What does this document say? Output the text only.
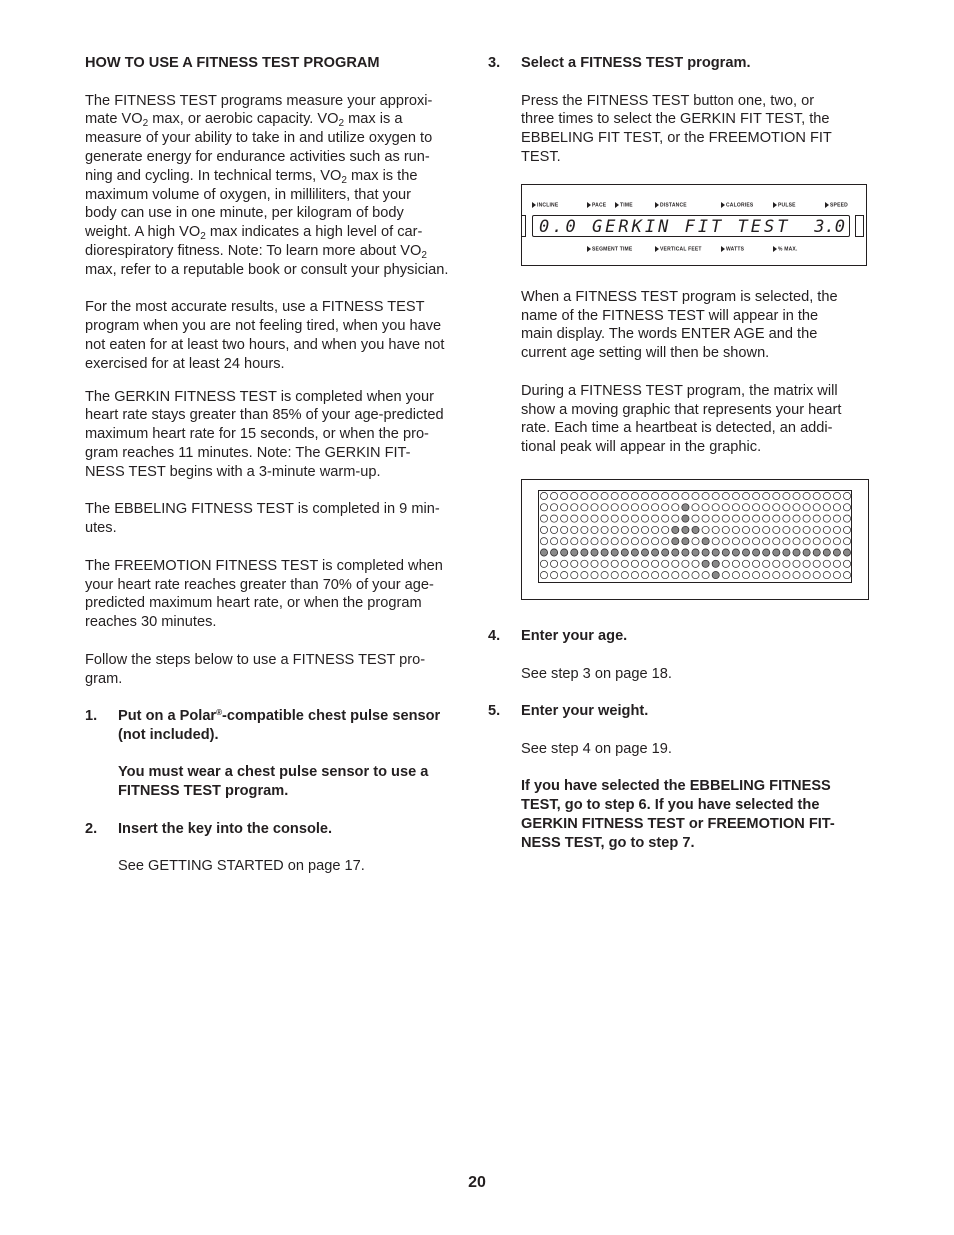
HOW TO USE A FITNESS TEST PROGRAM

The FITNESS TEST programs measure your approxi-

mate $VO_2$ max, or aerobic capacity. $VO_2$ max is a

measure of your ability to take in and utilize oxygen to

generate energy for endurance activities such as run-

ning and cycling. In technical terms, $VO_2$ max is the

maximum volume of oxygen, in milliliters, that your

body can use in one minute, per kilogram of body

weight. A high $VO_2$ max indicates a high level of car-

diorespiratory fitness. Note: To learn more about $VO_2$

max, refer to a reputable book or consult your physician.

For the most accurate results, use a FITNESS TEST

program when you are not feeling tired, when you have

not eaten for at least two hours, and when you have not

exercised for at least 24 hours.

The GERKIN FITNESS TEST is completed when your

heart rate stays greater than 85% of your age-predicted

maximum heart rate for 15 seconds, or when the pro-

gram reaches 11 minutes. Note: The GERKIN FIT-

NESS TEST begins with a 3-minute warm-up.

The EBBELING FITNESS TEST is completed in 9 min-

utes.

The FREEMOTION FITNESS TEST is completed when

your heart rate reaches greater than 70% of your age-

predicted maximum heart rate, or when the program

reaches 30 minutes.

Follow the steps below to use a FITNESS TEST pro-

gram.

1. Put on a Polar®-compatible chest pulse sensor

(not included).

You must wear a chest pulse sensor to use a

FITNESS TEST program.

2. Insert the key into the console.

See GETTING STARTED on page 17.

3. Select a FITNESS TEST program.

Press the FITNESS TEST button one, two, or

three times to select the GERKIN FIT TEST, the

EBBELING FIT TEST, or the FREEMOTION FIT

TEST.

INCLINE	PACE	TIME	DISTANCE	CALORIES	PULSE	SPEED
0.0 GERKIN FIT TEST 3.0
SEGMENT TIME	VERTICAL FEET	WATTS	% MAX.

When a FITNESS TEST program is selected, the

name of the FITNESS TEST will appear in the

main display. The words ENTER AGE and the

current age setting will then be shown.

During a FITNESS TEST program, the matrix will

show a moving graphic that represents your heart

rate. Each time a heartbeat is detected, an addi-

tional peak will appear in the graphic.

4. Enter your age.

See step 3 on page 18.

5. Enter your weight.

See step 4 on page 19.

If you have selected the EBBELING FITNESS

TEST, go to step 6. If you have selected the

GERKIN FITNESS TEST or FREEMOTION FIT-

NESS TEST, go to step 7.

20
